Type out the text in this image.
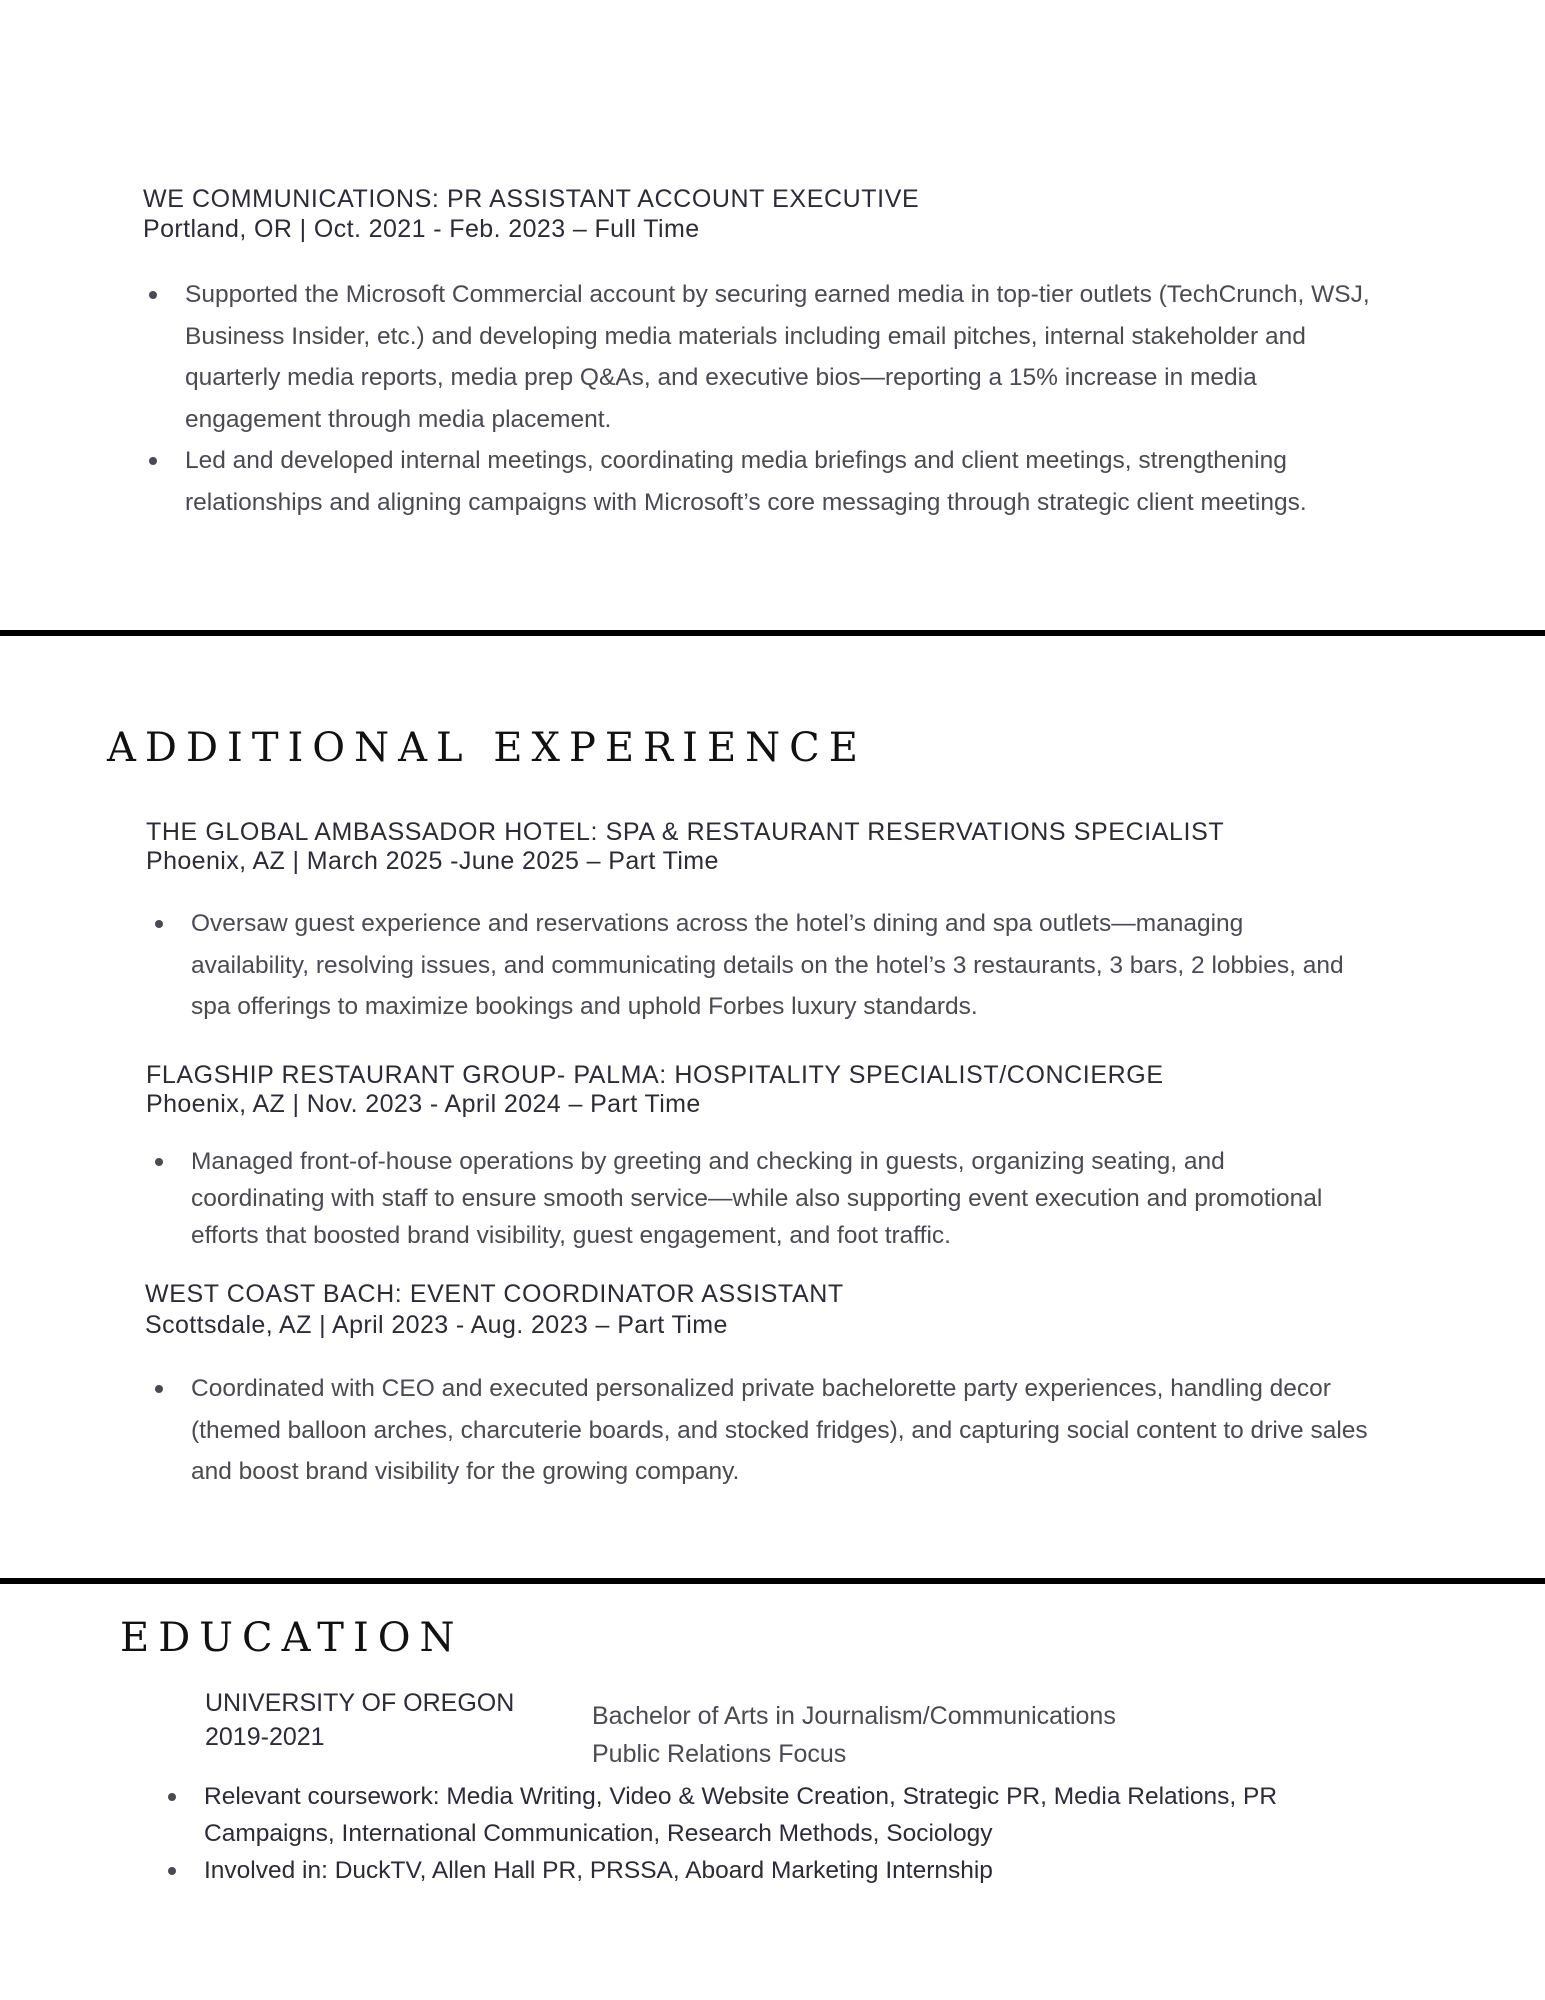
WE COMMUNICATIONS: PR ASSISTANT ACCOUNT EXECUTIVE
Portland, OR | Oct. 2021 - Feb. 2023 – Full Time
Supported the Microsoft Commercial account by securing earned media in top-tier outlets (TechCrunch, WSJ, Business Insider, etc.) and developing media materials including email pitches, internal stakeholder and quarterly media reports, media prep Q&As, and executive bios—reporting a 15% increase in media engagement through media placement.
Led and developed internal meetings, coordinating media briefings and client meetings, strengthening relationships and aligning campaigns with Microsoft’s core messaging through strategic client meetings.
ADDITIONAL EXPERIENCE
THE GLOBAL AMBASSADOR HOTEL: SPA & RESTAURANT RESERVATIONS SPECIALIST
Phoenix, AZ | March 2025 -June 2025 – Part Time
Oversaw guest experience and reservations across the hotel’s dining and spa outlets—managing availability, resolving issues, and communicating details on the hotel’s 3 restaurants, 3 bars, 2 lobbies, and spa offerings to maximize bookings and uphold Forbes luxury standards.
FLAGSHIP RESTAURANT GROUP- PALMA: HOSPITALITY SPECIALIST/CONCIERGE
Phoenix, AZ | Nov. 2023 - April 2024 – Part Time
Managed front-of-house operations by greeting and checking in guests, organizing seating, and coordinating with staff to ensure smooth service—while also supporting event execution and promotional efforts that boosted brand visibility, guest engagement, and foot traffic.
WEST COAST BACH: EVENT COORDINATOR ASSISTANT
Scottsdale, AZ | April 2023 - Aug. 2023 – Part Time
Coordinated with CEO and executed personalized private bachelorette party experiences, handling decor (themed balloon arches, charcuterie boards, and stocked fridges), and capturing social content to drive sales and boost brand visibility for the growing company.
EDUCATION
UNIVERSITY OF OREGON
2019-2021
Bachelor of Arts in Journalism/Communications
Public Relations Focus
Relevant coursework: Media Writing, Video & Website Creation, Strategic PR, Media Relations, PR Campaigns, International Communication, Research Methods, Sociology
Involved in: DuckTV, Allen Hall PR, PRSSA, Aboard Marketing Internship
